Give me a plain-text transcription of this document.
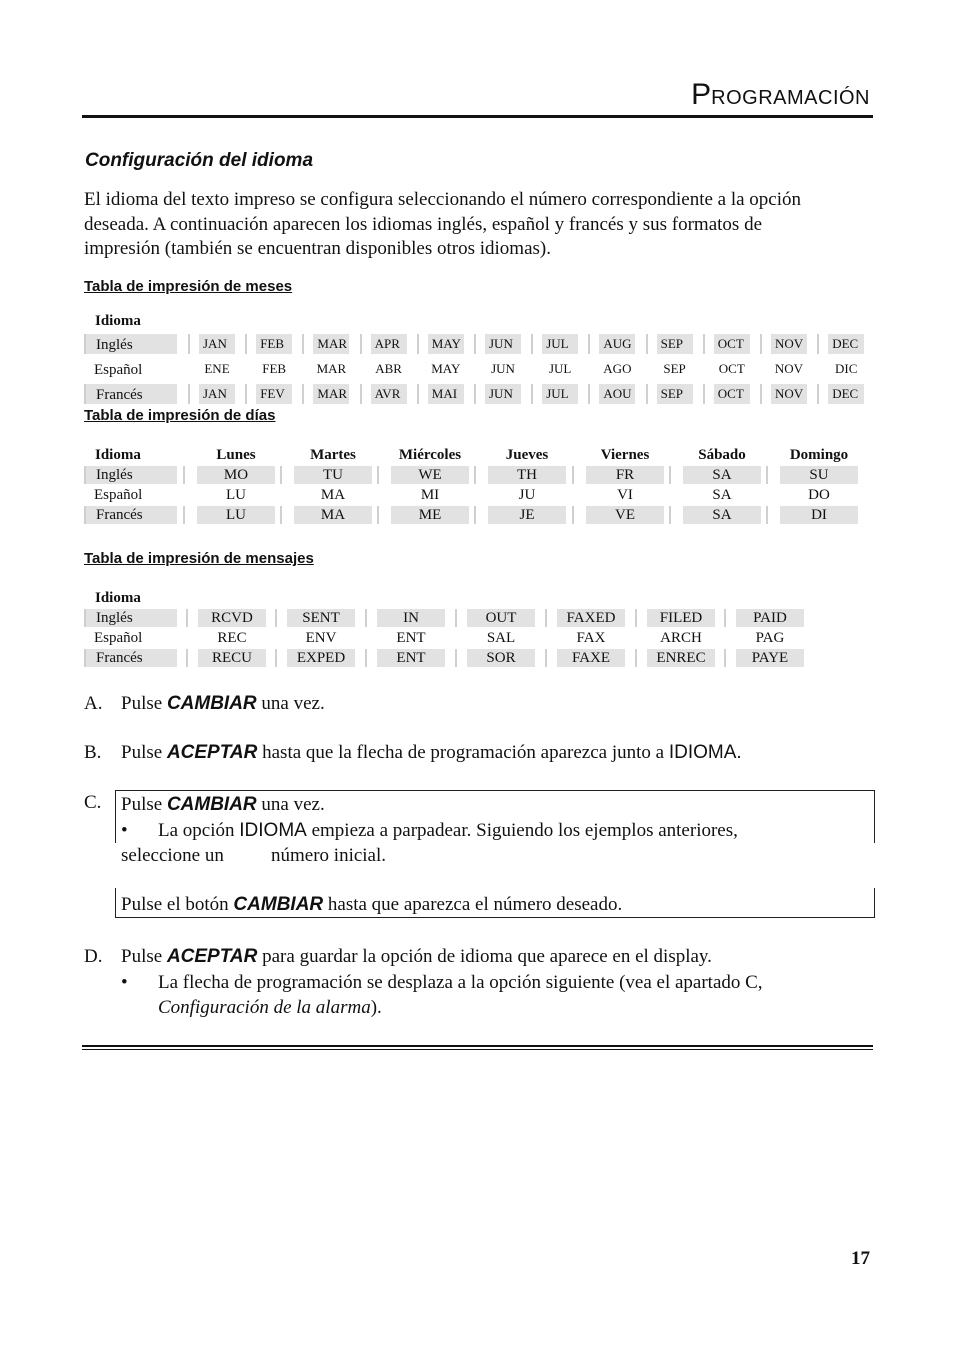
PROGRAMACIÓN
Configuración del idioma
El idioma del texto impreso se configura seleccionando el número correspondiente a la opción
deseada. A continuación aparecen los idiomas inglés, español y francés y sus formatos de
impresión (también se encuentran disponibles otros idiomas).
Tabla de impresión de meses
Idioma
Inglés	JAN	FEB	MAR	APR	MAY	JUN	JUL	AUG	SEP	OCT	NOV	DEC
Español	ENE	FEB	MAR	ABR	MAY	JUN	JUL	AGO	SEP	OCT	NOV	DIC
Francés	JAN	FEV	MAR	AVR	MAI	JUN	JUL	AOU	SEP	OCT	NOV	DEC
Tabla de impresión de días
Idioma	Lunes	Martes	Miércoles	Jueves	Viernes	Sábado	Domingo
Inglés	MO	TU	WE	TH	FR	SA	SU
Español	LU	MA	MI	JU	VI	SA	DO
Francés	LU	MA	ME	JE	VE	SA	DI
Tabla de impresión de mensajes
Idioma
Inglés	RCVD	SENT	IN	OUT	FAXED	FILED	PAID
Español	REC	ENV	ENT	SAL	FAX	ARCH	PAG
Francés	RECU	EXPED	ENT	SOR	FAXE	ENREC	PAYE
A. Pulse CAMBIAR una vez.
B. Pulse ACEPTAR hasta que la flecha de programación aparezca junto a IDIOMA.
C. Pulse CAMBIAR una vez.
• La opción IDIOMA empieza a parpadear. Siguiendo los ejemplos anteriores,
seleccione un número inicial.
Pulse el botón CAMBIAR hasta que aparezca el número deseado.
D. Pulse ACEPTAR para guardar la opción de idioma que aparece en el display.
• La flecha de programación se desplaza a la opción siguiente (vea el apartado C,
Configuración de la alarma).
17
